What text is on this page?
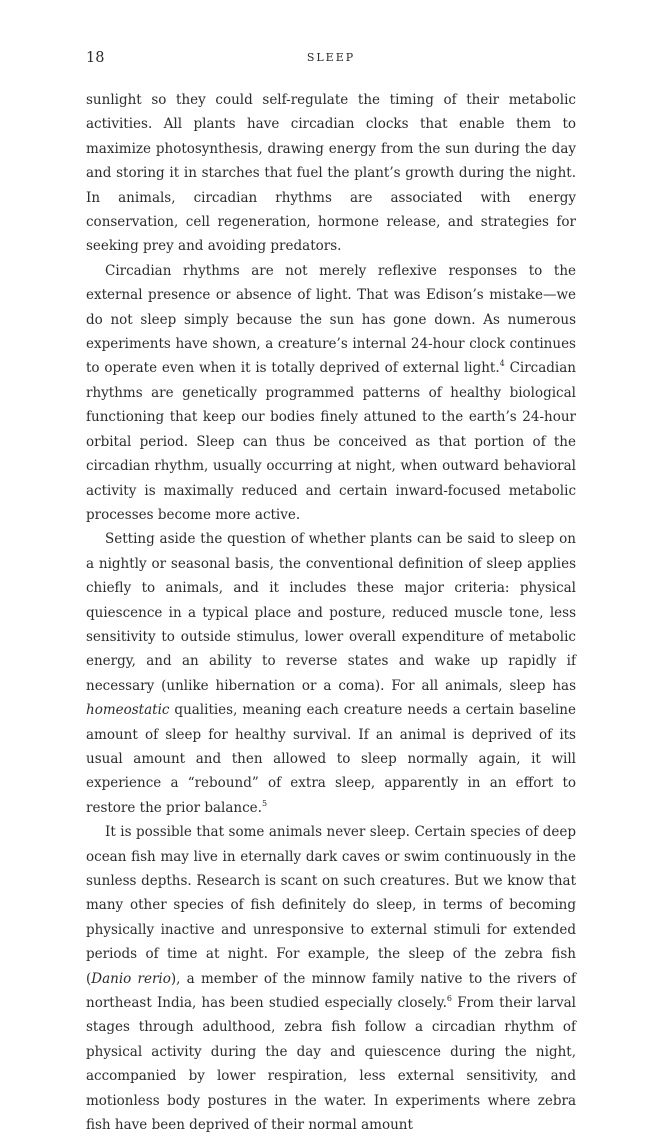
18	SLEEP

sunlight so they could self-regulate the timing of their metabolic activities. All plants have circadian clocks that enable them to maximize photosynthesis, drawing energy from the sun during the day and storing it in starches that fuel the plant’s growth during the night. In animals, circadian rhythms are associated with energy conservation, cell regeneration, hormone release, and strategies for seeking prey and avoiding predators.

Circadian rhythms are not merely reflexive responses to the external presence or absence of light. That was Edison’s mistake—we do not sleep simply because the sun has gone down. As numerous experiments have shown, a creature’s internal 24-hour clock continues to operate even when it is totally deprived of external light.$^4$ Circadian rhythms are genetically programmed patterns of healthy biological functioning that keep our bodies finely attuned to the earth’s 24-hour orbital period. Sleep can thus be conceived as that portion of the circadian rhythm, usually occurring at night, when outward behavioral activity is maximally reduced and certain inward-focused metabolic processes become more active.

Setting aside the question of whether plants can be said to sleep on a nightly or seasonal basis, the conventional definition of sleep applies chiefly to animals, and it includes these major criteria: physical quiescence in a typical place and posture, reduced muscle tone, less sensitivity to outside stimulus, lower overall expenditure of metabolic energy, and an ability to reverse states and wake up rapidly if necessary (unlike hibernation or a coma). For all animals, sleep has homeostatic qualities, meaning each creature needs a certain baseline amount of sleep for healthy survival. If an animal is deprived of its usual amount and then allowed to sleep normally again, it will experience a “rebound” of extra sleep, apparently in an effort to restore the prior balance.$^5$

It is possible that some animals never sleep. Certain species of deep ocean fish may live in eternally dark caves or swim continuously in the sunless depths. Research is scant on such creatures. But we know that many other species of fish definitely do sleep, in terms of becoming physically inactive and unresponsive to external stimuli for extended periods of time at night. For example, the sleep of the zebra fish (Danio rerio), a member of the minnow family native to the rivers of northeast India, has been studied especially closely.$^6$ From their larval stages through adulthood, zebra fish follow a circadian rhythm of physical activity during the day and quiescence during the night, accompanied by lower respiration, less external sensitivity, and motionless body postures in the water. In experiments where zebra fish have been deprived of their normal amount
